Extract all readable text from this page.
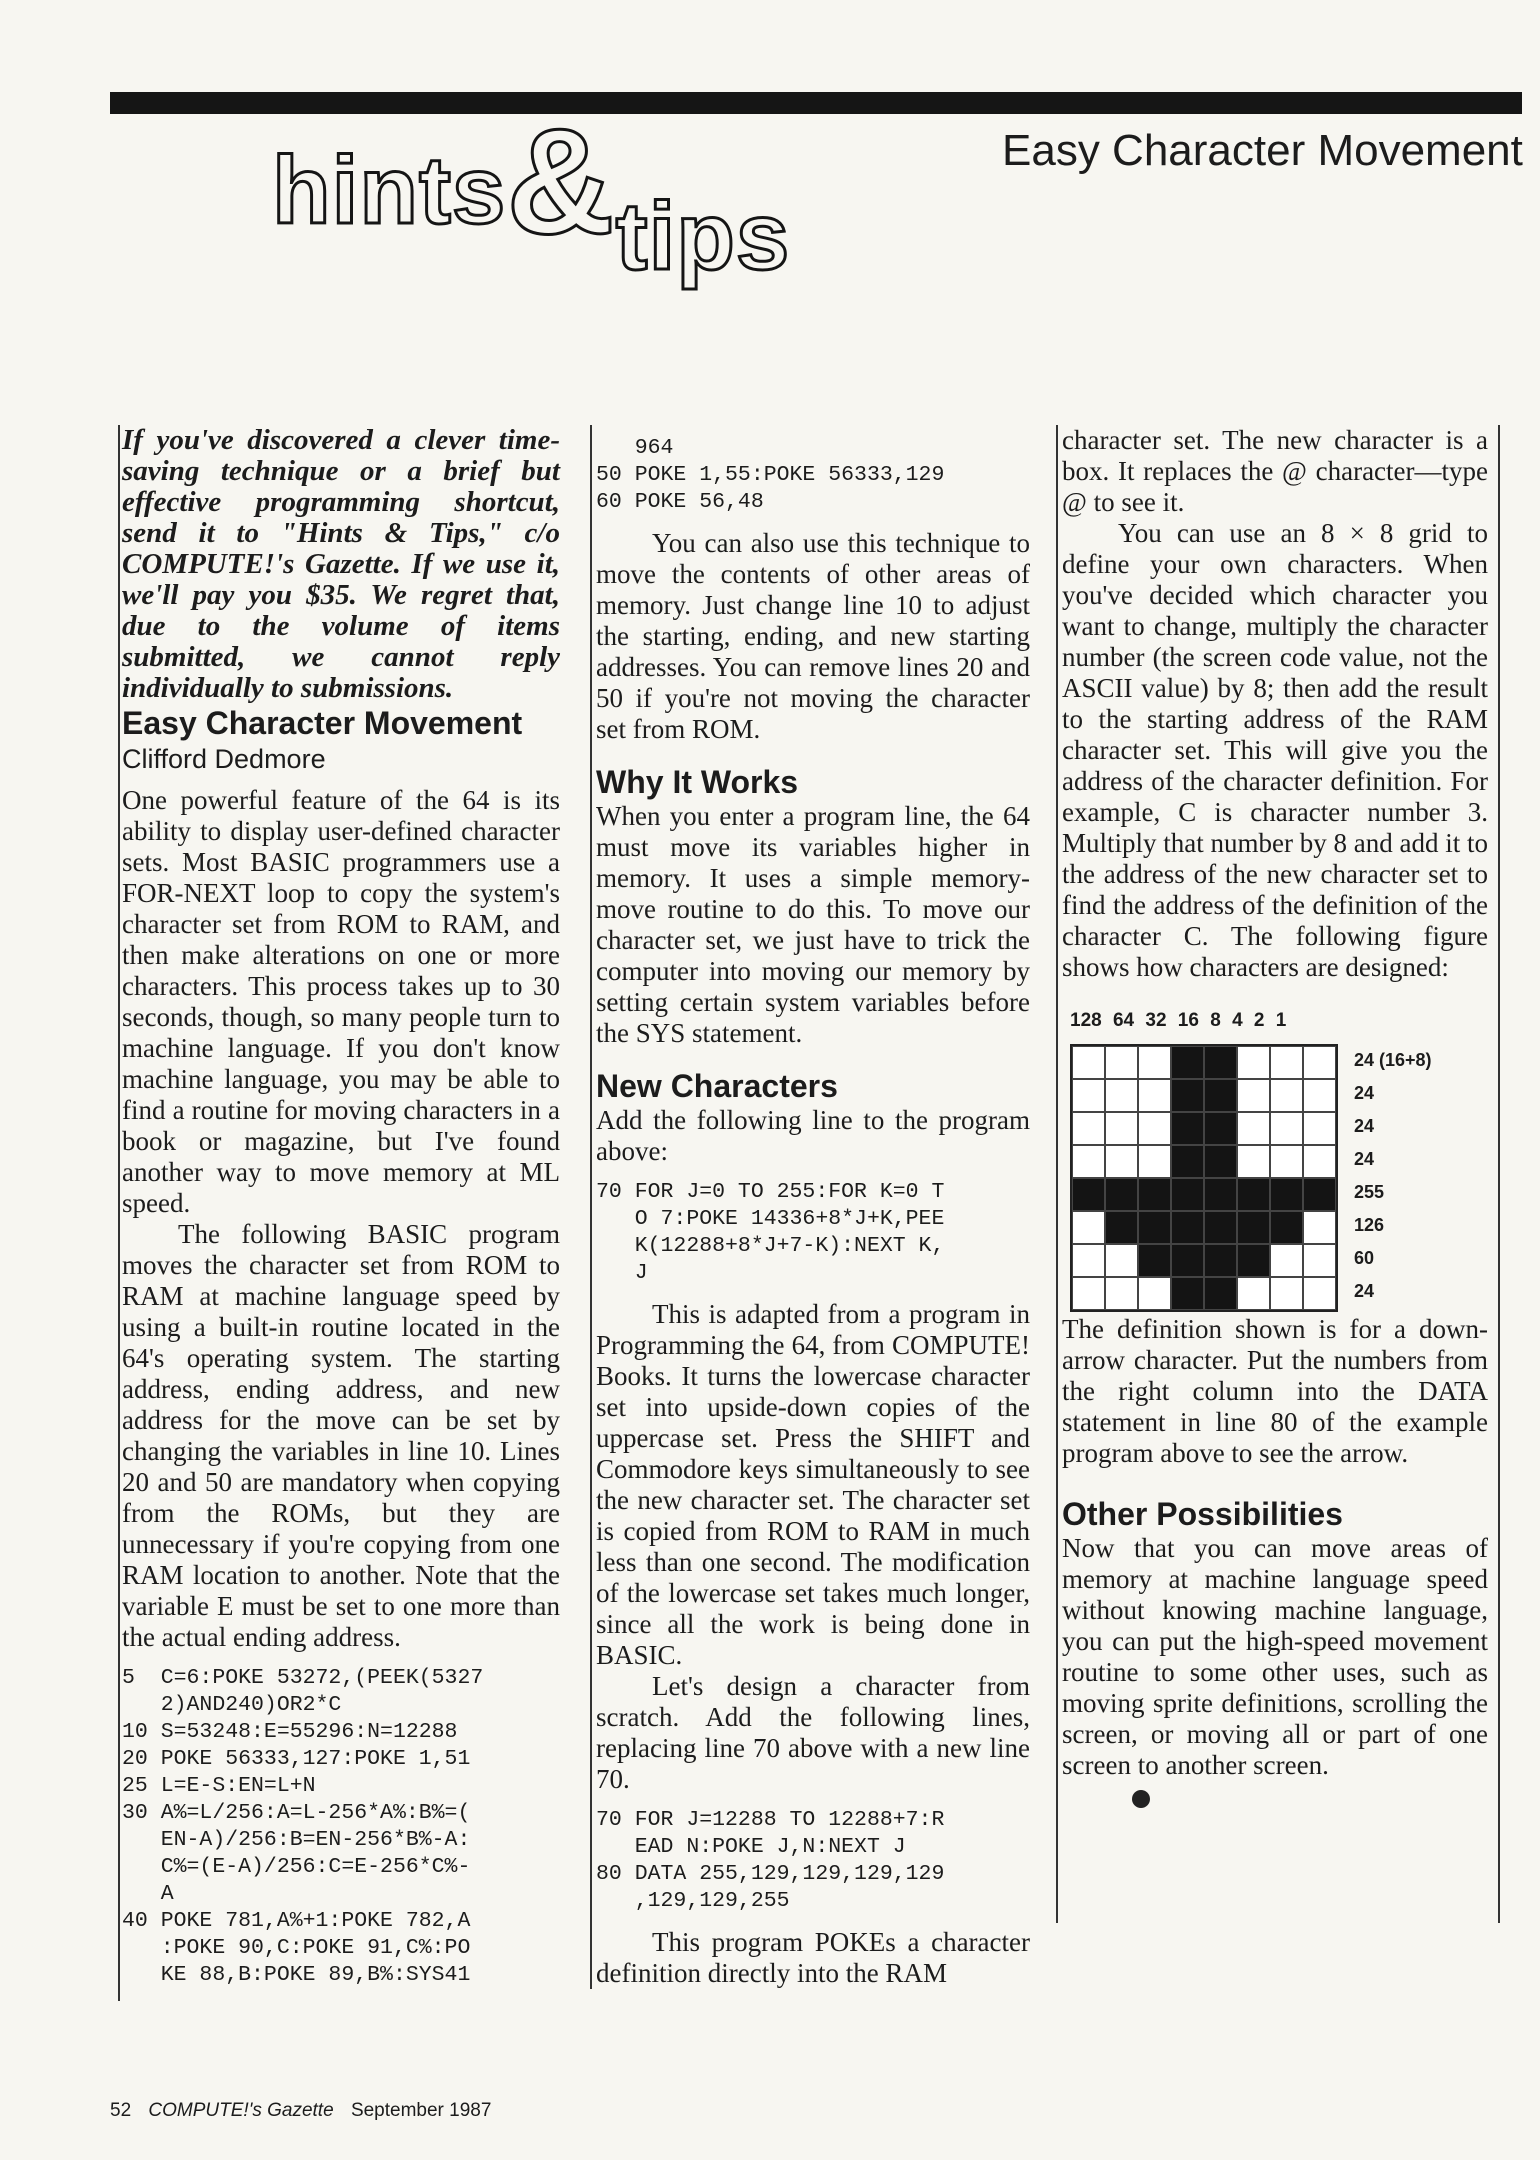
hints&tips
Easy Character Movement

If you've discovered a clever time-saving technique or a brief but effective programming shortcut, send it to "Hints & Tips," c/o COMPUTE!'s Gazette. If we use it, we'll pay you $35. We regret that, due to the volume of items submitted, we cannot reply individually to submissions.

Easy Character Movement
Clifford Dedmore

One powerful feature of the 64 is its ability to display user-defined character sets. Most BASIC programmers use a FOR-NEXT loop to copy the system's character set from ROM to RAM, and then make alterations on one or more characters. This process takes up to 30 seconds, though, so many people turn to machine language. If you don't know machine language, you may be able to find a routine for moving characters in a book or magazine, but I've found another way to move memory at ML speed.

The following BASIC program moves the character set from ROM to RAM at machine language speed by using a built-in routine located in the 64's operating system. The starting address, ending address, and new address for the move can be set by changing the variables in line 10. Lines 20 and 50 are mandatory when copying from the ROMs, but they are unnecessary if you're copying from one RAM location to another. Note that the variable E must be set to one more than the actual ending address.

5  C=6:POKE 53272,(PEEK(5327
2)AND240)OR2*C
10 S=53248:E=55296:N=12288
20 POKE 56333,127:POKE 1,51
25 L=E-S:EN=L+N
30 A%=L/256:A=L-256*A%:B%=(
EN-A)/256:B=EN-256*B%-A:
C%=(E-A)/256:C=E-256*C%-
A
40 POKE 781,A%+1:POKE 782,A
:POKE 90,C:POKE 91,C%:PO
KE 88,B:POKE 89,B%:SYS41
964
50 POKE 1,55:POKE 56333,129
60 POKE 56,48

You can also use this technique to move the contents of other areas of memory. Just change line 10 to adjust the starting, ending, and new starting addresses. You can remove lines 20 and 50 if you're not moving the character set from ROM.

Why It Works

When you enter a program line, the 64 must move its variables higher in memory. It uses a simple memory-move routine to do this. To move our character set, we just have to trick the computer into moving our memory by setting certain system variables before the SYS statement.

New Characters

Add the following line to the program above:

70 FOR J=0 TO 255:FOR K=0 T
O 7:POKE 14336+8*J+K,PEE
K(12288+8*J+7-K):NEXT K,
J

This is adapted from a program in Programming the 64, from COMPUTE! Books. It turns the lowercase character set into upside-down copies of the uppercase set. Press the SHIFT and Commodore keys simultaneously to see the new character set. The character set is copied from ROM to RAM in much less than one second. The modification of the lowercase set takes much longer, since all the work is being done in BASIC.

Let's design a character from scratch. Add the following lines, replacing line 70 above with a new line 70.

70 FOR J=12288 TO 12288+7:R
EAD N:POKE J,N:NEXT J
80 DATA 255,129,129,129,129
,129,129,255

This program POKEs a character definition directly into the RAM

character set. The new character is a box. It replaces the @ character—type @ to see it.

You can use an 8 × 8 grid to define your own characters. When you've decided which character you want to change, multiply the character number (the screen code value, not the ASCII value) by 8; then add the result to the starting address of the RAM character set. This will give you the address of the character definition. For example, C is character number 3. Multiply that number by 8 and add it to the address of the new character set to find the address of the definition of the character C. The following figure shows how characters are designed:

128 64 32 16 8 4 2 1
24 (16+8)
24
24
24
255
126
60
24

The definition shown is for a down-arrow character. Put the numbers from the right column into the DATA statement in line 80 of the example program above to see the arrow.

Other Possibilities

Now that you can move areas of memory at machine language speed without knowing machine language, you can put the high-speed movement routine to some other uses, such as moving sprite definitions, scrolling the screen, or moving all or part of one screen to another screen.

52 COMPUTE!'s Gazette September 1987
